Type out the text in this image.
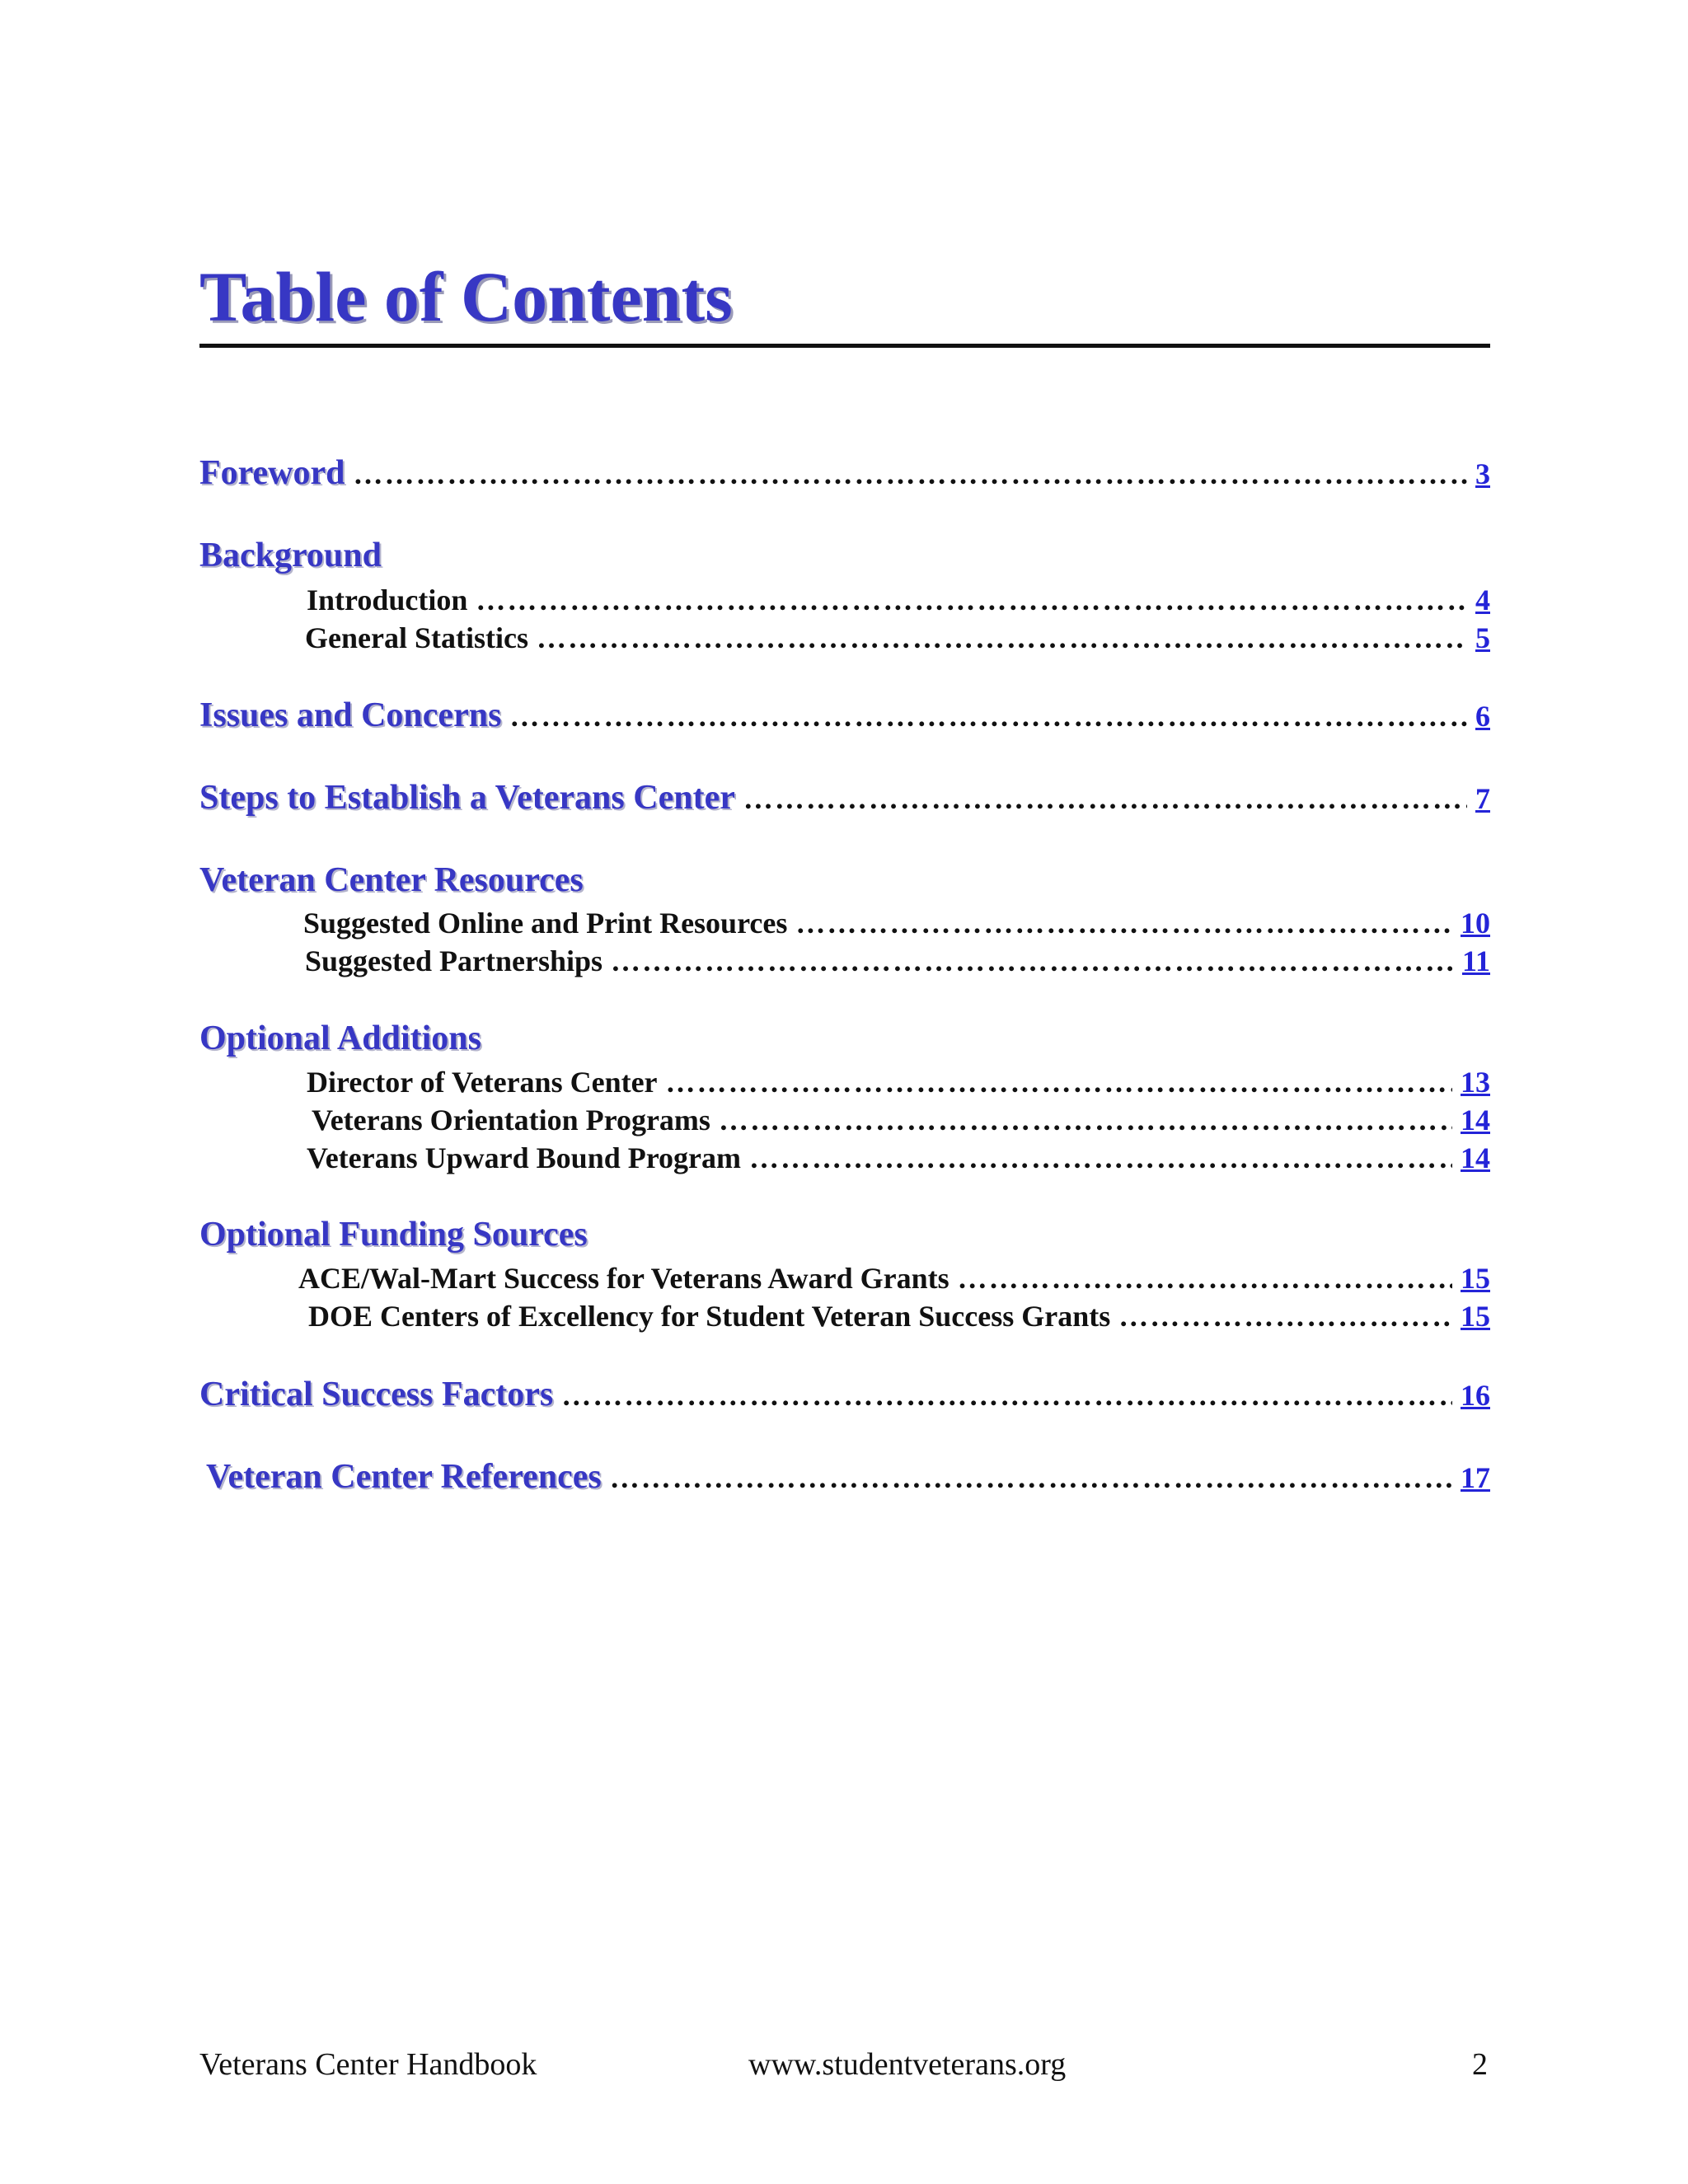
Table of Contents
Foreword ………………………………………………………………………………………………………………………………………………………………………………………………………………………………………………………………………………………	3
Background
Introduction ………………………………………………………………………………………………………………………………………………………………………………………………………………………………………………………………………………………	4
General Statistics ………………………………………………………………………………………………………………………………………………………………………………………………………………………………………………………………………………………	5
Issues and Concerns ………………………………………………………………………………………………………………………………………………………………………………………………………………………………………………………………………………………	6
Steps to Establish a Veterans Center ………………………………………………………………………………………………………………………………………………………………………………………………………………………………………………………………………………………	7
Veteran Center Resources
Suggested Online and Print Resources ………………………………………………………………………………………………………………………………………………………………………………………………………………………………………………………………………………………	10
Suggested Partnerships ………………………………………………………………………………………………………………………………………………………………………………………………………………………………………………………………………………………	11
Optional Additions
Director of Veterans Center ………………………………………………………………………………………………………………………………………………………………………………………………………………………………………………………………………………………	13
Veterans Orientation Programs ………………………………………………………………………………………………………………………………………………………………………………………………………………………………………………………………………………………	14
Veterans Upward Bound Program ………………………………………………………………………………………………………………………………………………………………………………………………………………………………………………………………………………………	14
Optional Funding Sources
ACE/Wal-Mart Success for Veterans Award Grants ………………………………………………………………………………………………………………………………………………………………………………………………………………………………………………………………………………………	15
DOE Centers of Excellency for Student Veteran Success Grants ………………………………………………………………………………………………………………………………………………………………………………………………………………………………………………………………………………………	15
Critical Success Factors ………………………………………………………………………………………………………………………………………………………………………………………………………………………………………………………………………………………	16
Veteran Center References ………………………………………………………………………………………………………………………………………………………………………………………………………………………………………………………………………………………	17
Veterans Center Handbook	www.studentveterans.org	2
